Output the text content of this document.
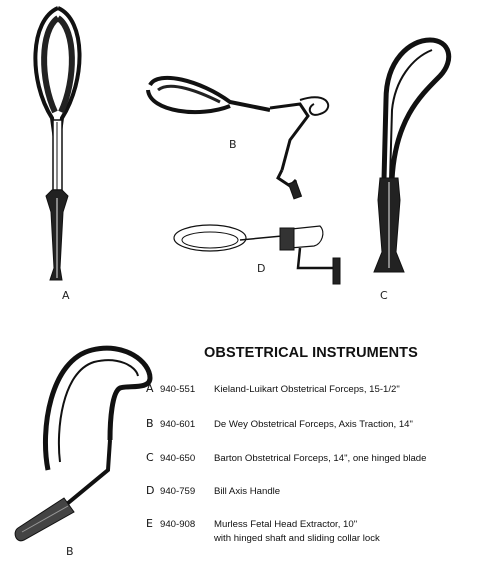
A
B
C
D
B
OBSTETRICAL INSTRUMENTS
A 940-551 Kieland-Luikart Obstetrical Forceps, 15-1/2"
B 940-601 De Wey Obstetrical Forceps, Axis Traction, 14"
C 940-650 Barton Obstetrical Forceps, 14", one hinged blade
D 940-759 Bill Axis Handle
E 940-908 Murless Fetal Head Extractor, 10"
with hinged shaft and sliding collar lock
